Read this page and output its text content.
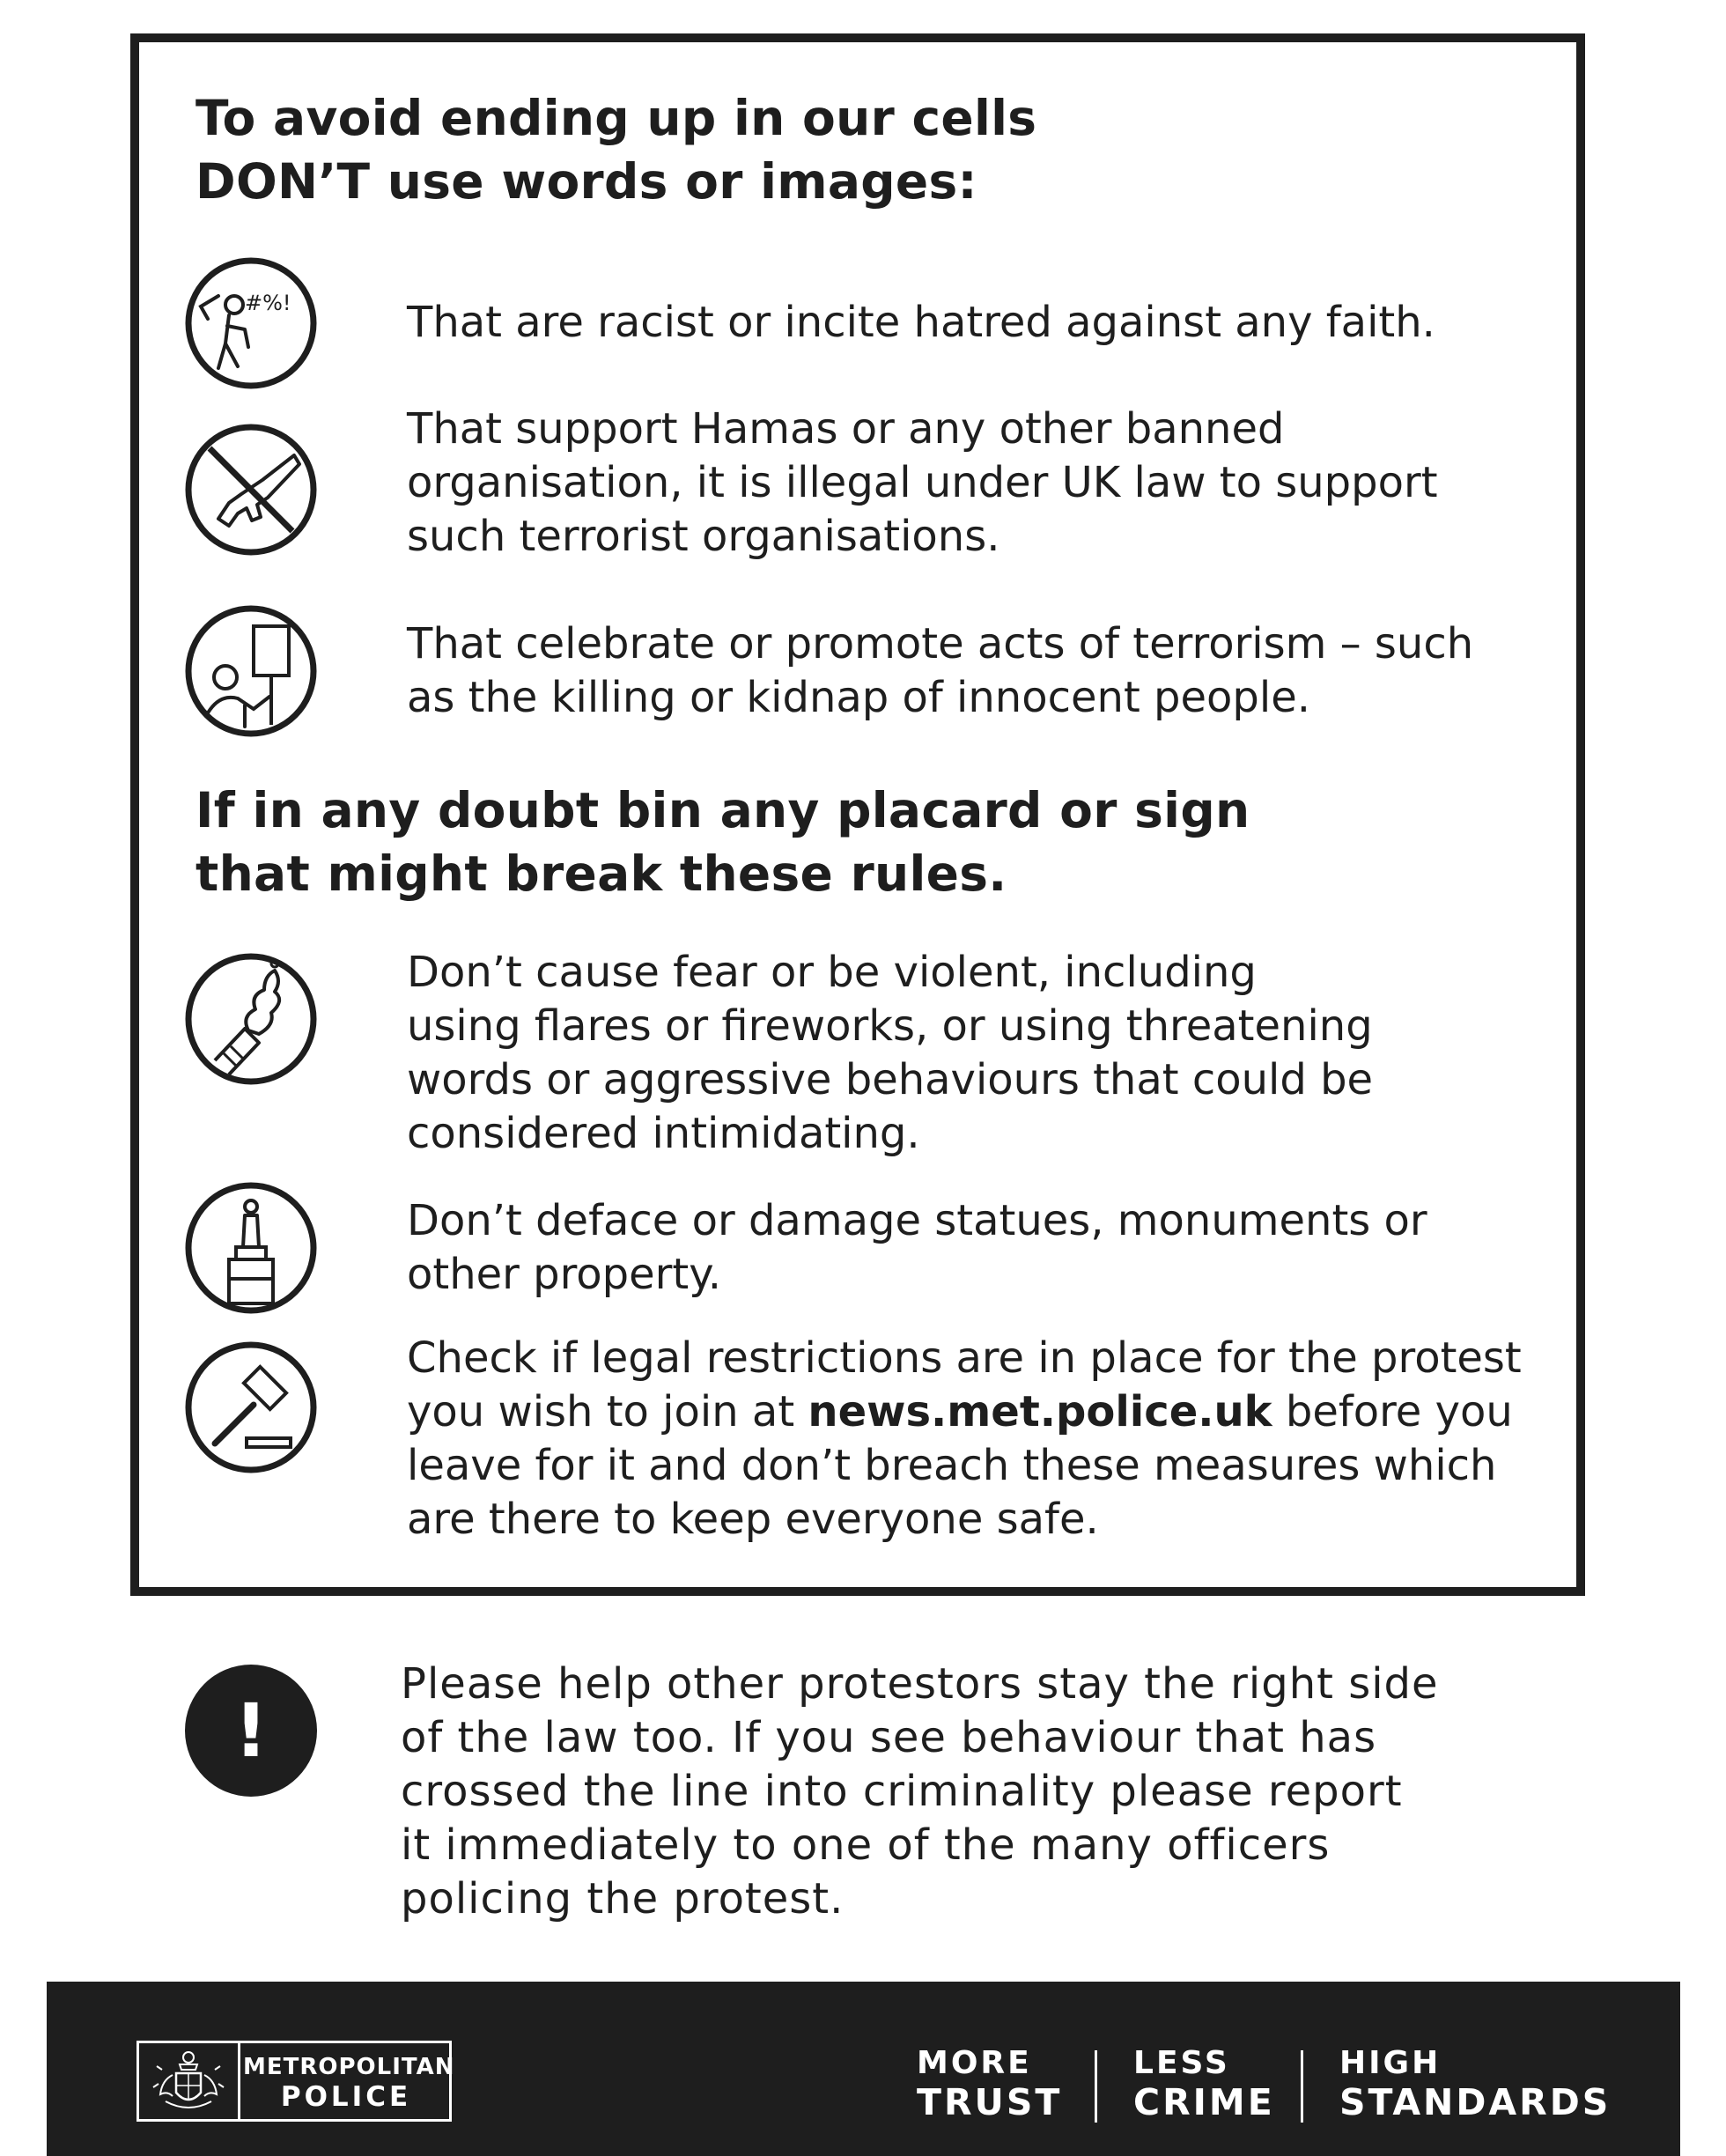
To avoid ending up in our cells
DON’T use words or images:
#%!	That are racist or incite hatred against any faith.

That support Hamas or any other banned
organisation, it is illegal under UK law to support
such terrorist organisations.

That celebrate or promote acts of terrorism – such
as the killing or kidnap of innocent people.

If in any doubt bin any placard or sign
that might break these rules.

Don’t cause fear or be violent, including
using flares or fireworks, or using threatening
words or aggressive behaviours that could be
considered intimidating.

Don’t deface or damage statues, monuments or
other property.

Check if legal restrictions are in place for the protest
you wish to join at news.met.police.uk before you
leave for it and don’t breach these measures which
are there to keep everyone safe.

!

Please help other protestors stay the right side
of the law too. If you see behaviour that has
crossed the line into criminality please report
it immediately to one of the many officers
policing the protest.

METROPOLITAN
POLICE
MORE
TRUST
LESS
CRIME
HIGH
STANDARDS
